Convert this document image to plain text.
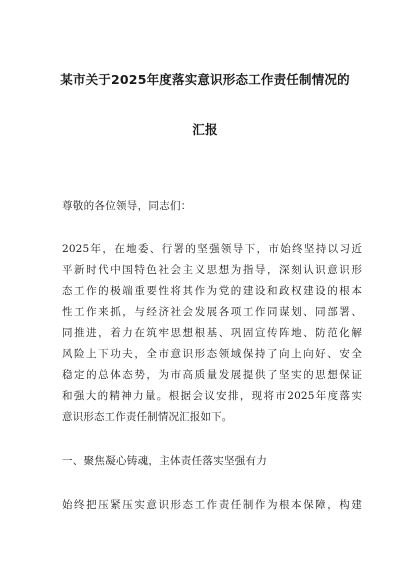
某市关于2025年度落实意识形态工作责任制情况的
汇报
尊敬的各位领导，同志们：
2025年，在地委、行署的坚强领导下，市始终坚持以习近
平新时代中国特色社会主义思想为指导，深刻认识意识形
态工作的极端重要性将其作为党的建设和政权建设的根本
性工作来抓，与经济社会发展各项工作同谋划、同部署、
同推进，着力在筑牢思想根基、巩固宣传阵地、防范化解
风险上下功夫，全市意识形态领域保持了向上向好、安全
稳定的总体态势，为市高质量发展提供了坚实的思想保证
和强大的精神力量。根据会议安排，现将市2025年度落实
意识形态工作责任制情况汇报如下。
一、聚焦凝心铸魂，主体责任落实坚强有力
始终把压紧压实意识形态工作责任制作为根本保障，构建
